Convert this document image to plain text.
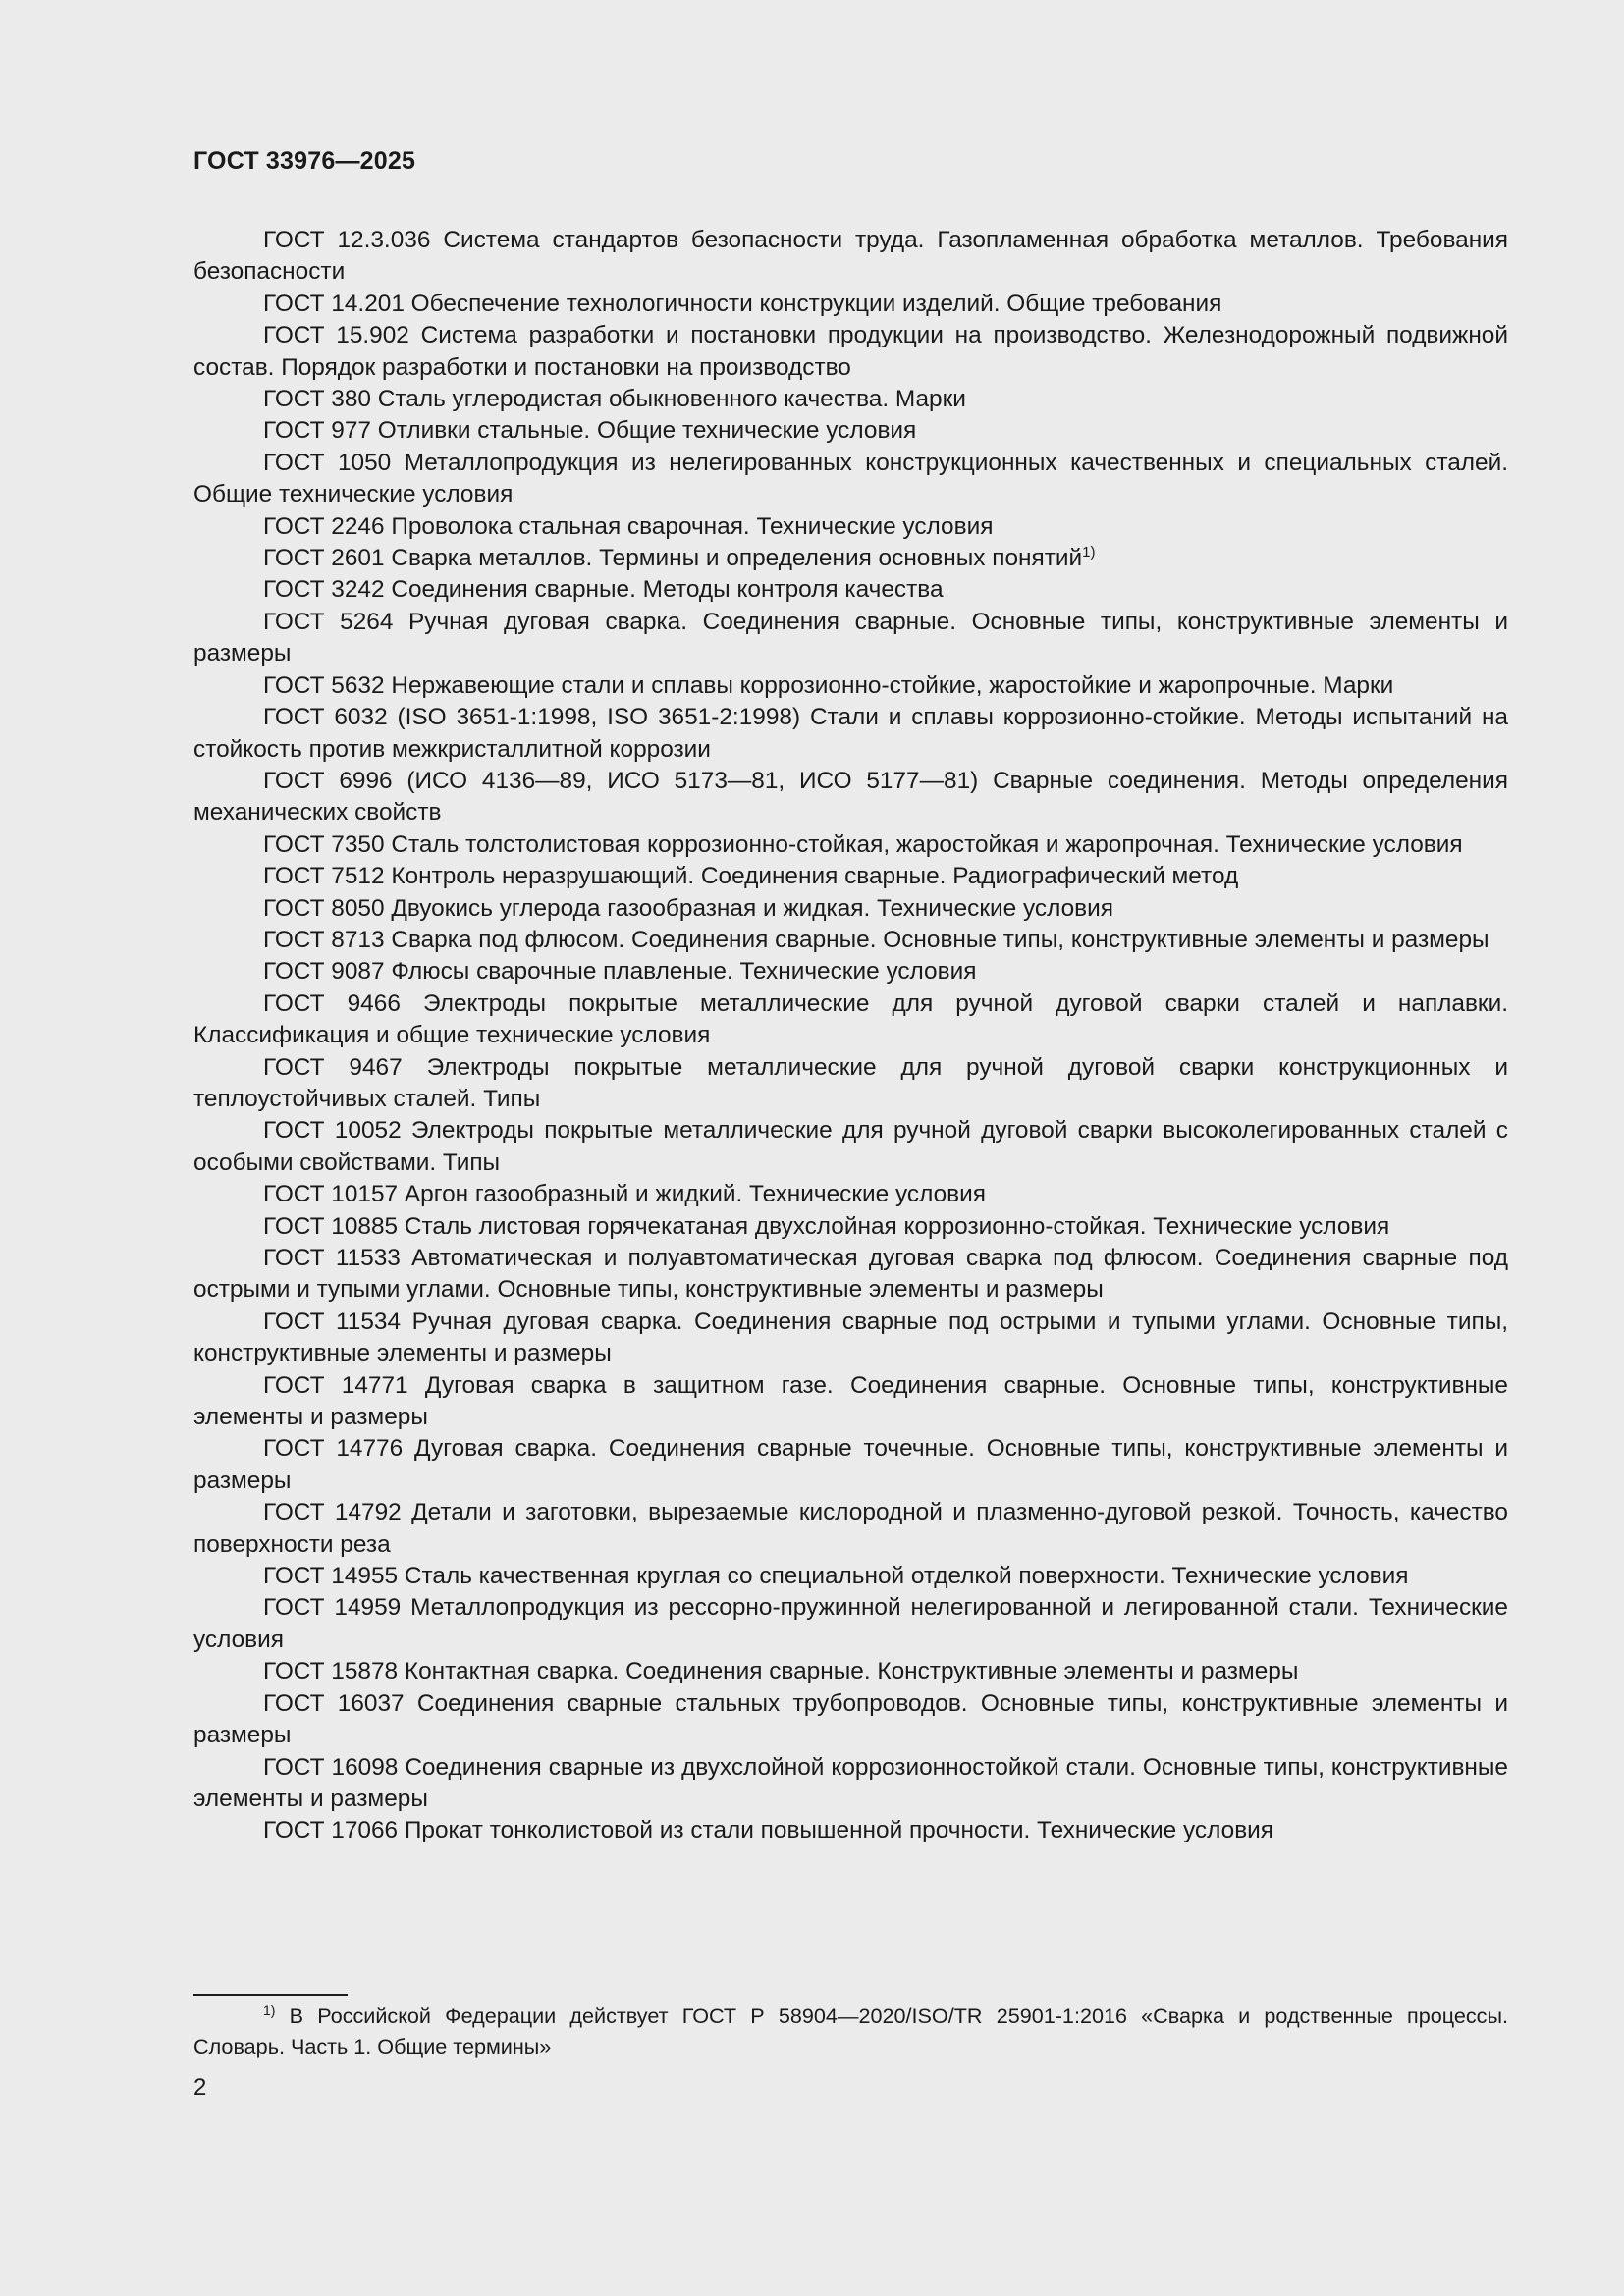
ГОСТ 33976—2025

ГОСТ 12.3.036 Система стандартов безопасности труда. Газопламенная обработка металлов. Требования безопасности

ГОСТ 14.201 Обеспечение технологичности конструкции изделий. Общие требования

ГОСТ 15.902 Система разработки и постановки продукции на производство. Железнодорожный подвижной состав. Порядок разработки и постановки на производство

ГОСТ 380 Сталь углеродистая обыкновенного качества. Марки

ГОСТ 977 Отливки стальные. Общие технические условия

ГОСТ 1050 Металлопродукция из нелегированных конструкционных качественных и специальных сталей. Общие технические условия

ГОСТ 2246 Проволока стальная сварочная. Технические условия

ГОСТ 2601 Сварка металлов. Термины и определения основных понятий$^{1)}$

ГОСТ 3242 Соединения сварные. Методы контроля качества

ГОСТ 5264 Ручная дуговая сварка. Соединения сварные. Основные типы, конструктивные элементы и размеры

ГОСТ 5632 Нержавеющие стали и сплавы коррозионно-стойкие, жаростойкие и жаропрочные. Марки

ГОСТ 6032 (ISO 3651-1:1998, ISO 3651-2:1998) Стали и сплавы коррозионно-стойкие. Методы испытаний на стойкость против межкристаллитной коррозии

ГОСТ 6996 (ИСО 4136—89, ИСО 5173—81, ИСО 5177—81) Сварные соединения. Методы определения механических свойств

ГОСТ 7350 Сталь толстолистовая коррозионно-стойкая, жаростойкая и жаропрочная. Технические условия

ГОСТ 7512 Контроль неразрушающий. Соединения сварные. Радиографический метод

ГОСТ 8050 Двуокись углерода газообразная и жидкая. Технические условия

ГОСТ 8713 Сварка под флюсом. Соединения сварные. Основные типы, конструктивные элементы и размеры

ГОСТ 9087 Флюсы сварочные плавленые. Технические условия

ГОСТ 9466 Электроды покрытые металлические для ручной дуговой сварки сталей и наплавки. Классификация и общие технические условия

ГОСТ 9467 Электроды покрытые металлические для ручной дуговой сварки конструкционных и теплоустойчивых сталей. Типы

ГОСТ 10052 Электроды покрытые металлические для ручной дуговой сварки высоколегированных сталей с особыми свойствами. Типы

ГОСТ 10157 Аргон газообразный и жидкий. Технические условия

ГОСТ 10885 Сталь листовая горячекатаная двухслойная коррозионно-стойкая. Технические условия

ГОСТ 11533 Автоматическая и полуавтоматическая дуговая сварка под флюсом. Соединения сварные под острыми и тупыми углами. Основные типы, конструктивные элементы и размеры

ГОСТ 11534 Ручная дуговая сварка. Соединения сварные под острыми и тупыми углами. Основные типы, конструктивные элементы и размеры

ГОСТ 14771 Дуговая сварка в защитном газе. Соединения сварные. Основные типы, конструктивные элементы и размеры

ГОСТ 14776 Дуговая сварка. Соединения сварные точечные. Основные типы, конструктивные элементы и размеры

ГОСТ 14792 Детали и заготовки, вырезаемые кислородной и плазменно-дуговой резкой. Точность, качество поверхности реза

ГОСТ 14955 Сталь качественная круглая со специальной отделкой поверхности. Технические условия

ГОСТ 14959 Металлопродукция из рессорно-пружинной нелегированной и легированной стали. Технические условия

ГОСТ 15878 Контактная сварка. Соединения сварные. Конструктивные элементы и размеры

ГОСТ 16037 Соединения сварные стальных трубопроводов. Основные типы, конструктивные элементы и размеры

ГОСТ 16098 Соединения сварные из двухслойной коррозионностойкой стали. Основные типы, конструктивные элементы и размеры

ГОСТ 17066 Прокат тонколистовой из стали повышенной прочности. Технические условия

$^{1)}$ В Российской Федерации действует ГОСТ Р 58904—2020/ISO/TR 25901-1:2016 «Сварка и родственные процессы. Словарь. Часть 1. Общие термины»

2
